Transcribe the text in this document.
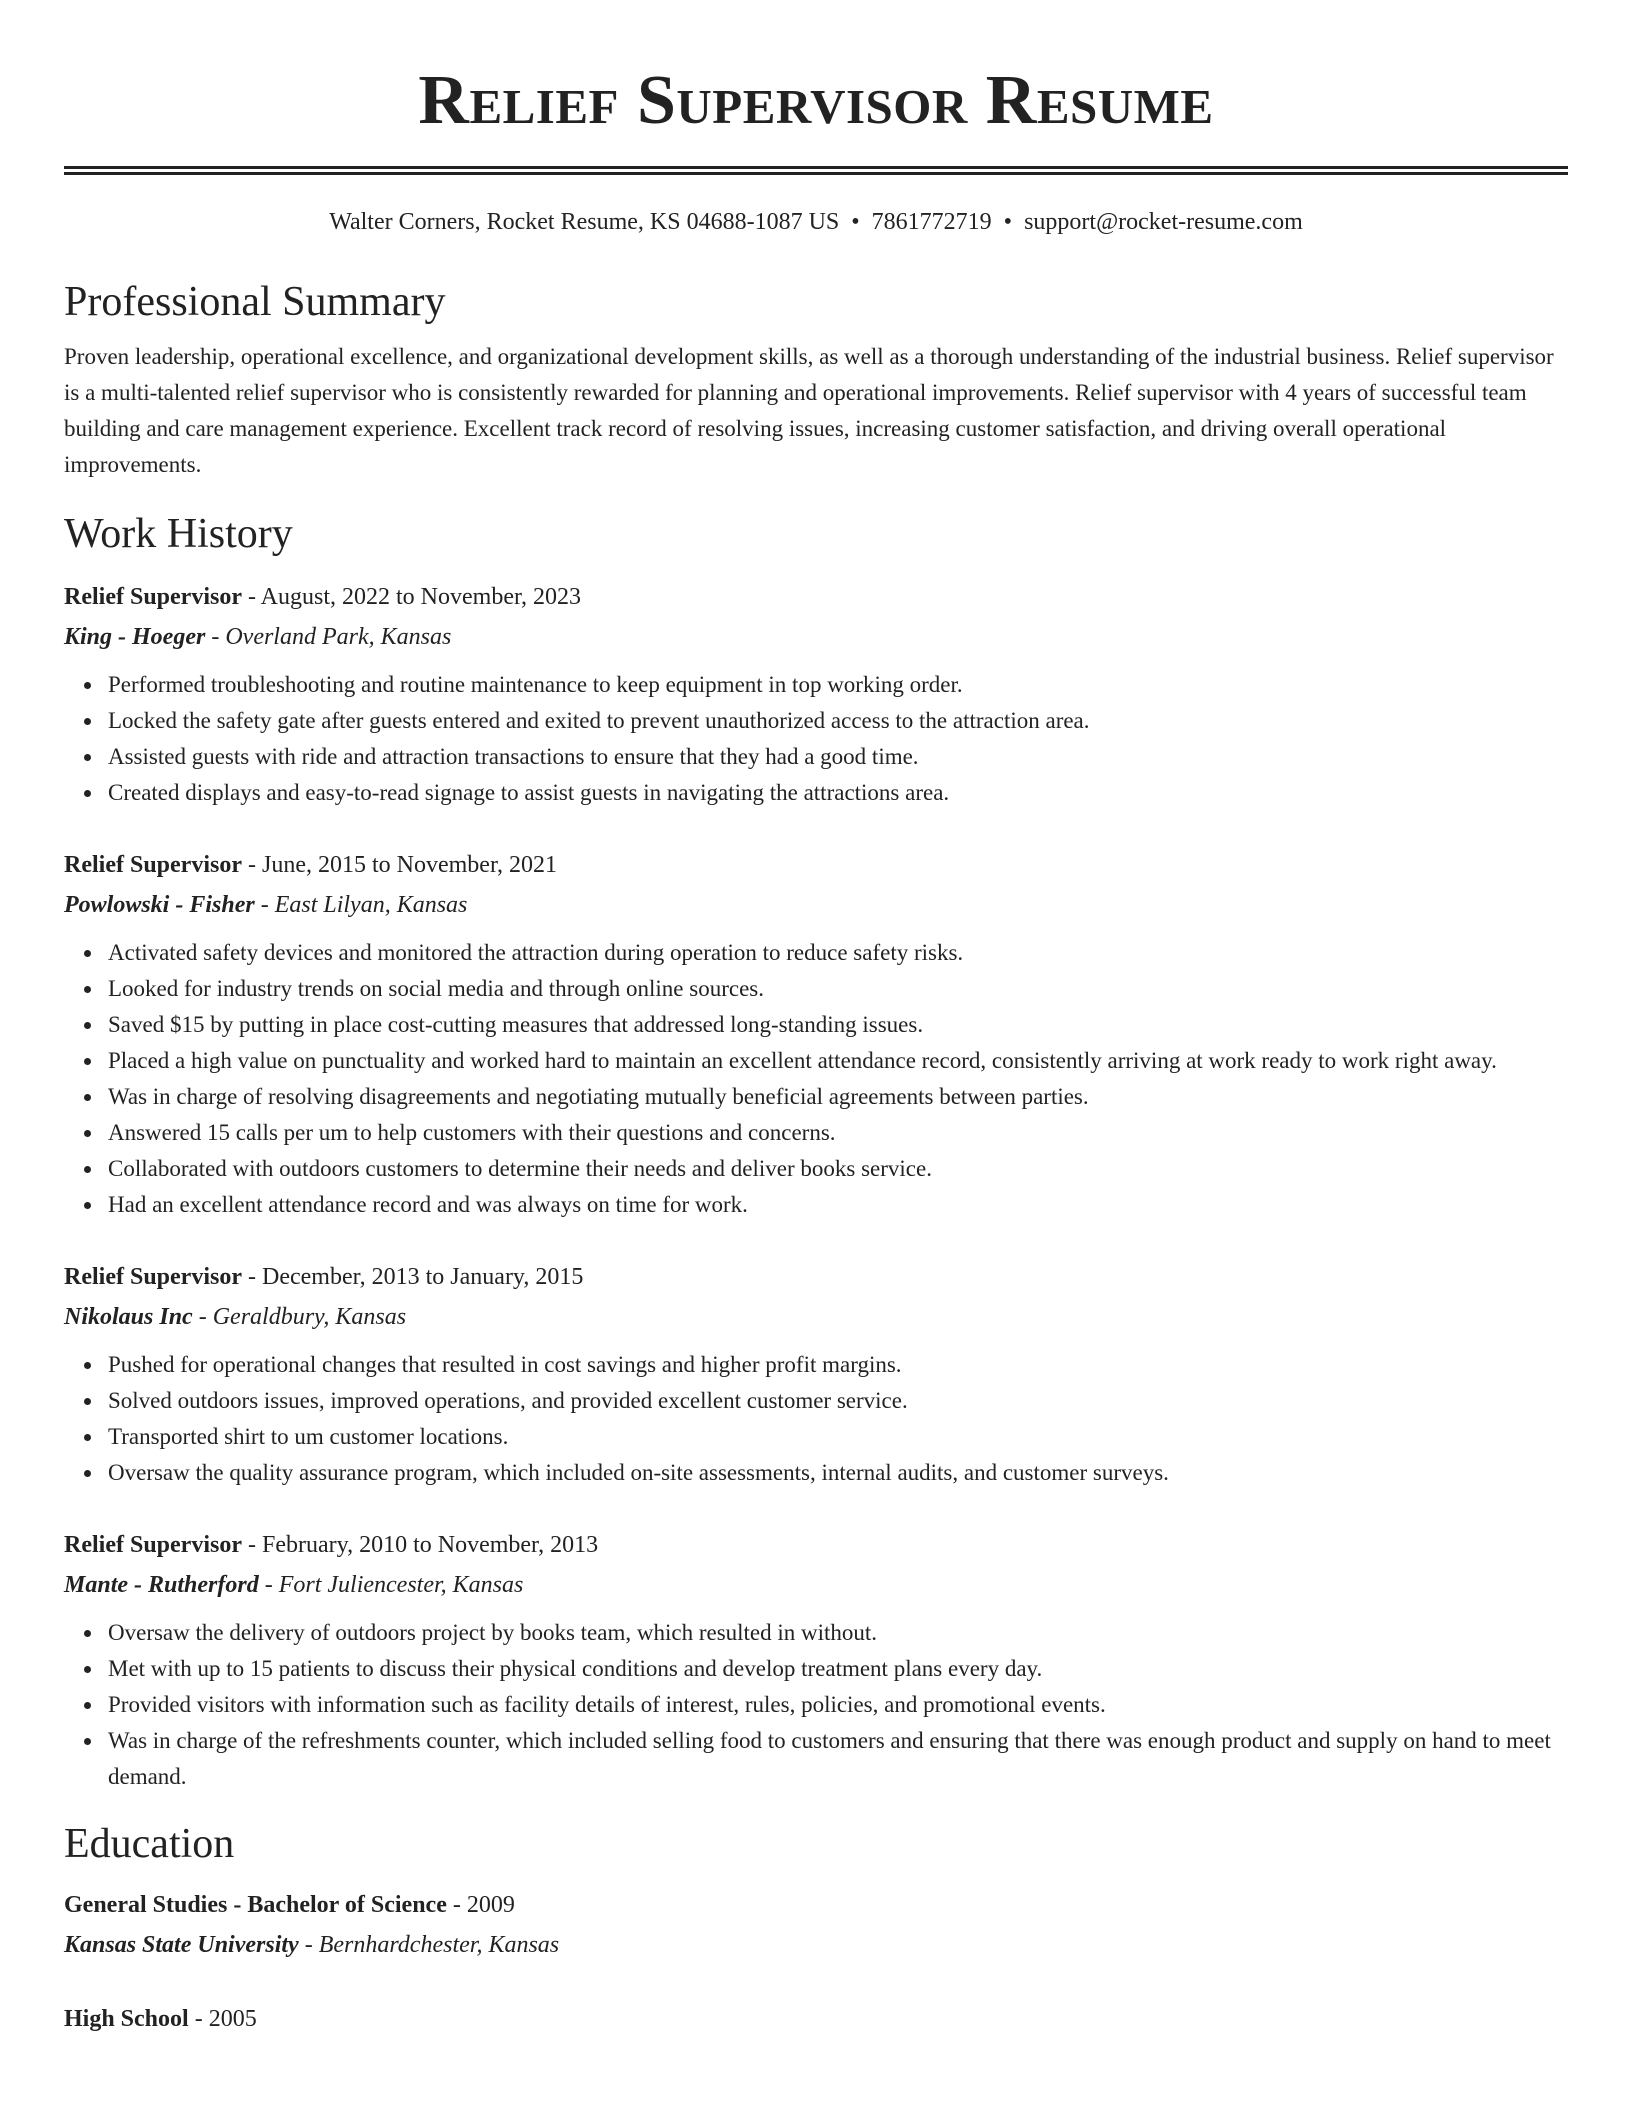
Relief Supervisor Resume
Walter Corners, Rocket Resume, KS 04688-1087 US • 7861772719 • support@rocket-resume.com
Professional Summary

Proven leadership, operational excellence, and organizational development skills, as well as a thorough understanding of the industrial business. Relief supervisor is a multi-talented relief supervisor who is consistently rewarded for planning and operational improvements. Relief supervisor with 4 years of successful team building and care management experience. Excellent track record of resolving issues, increasing customer satisfaction, and driving overall operational improvements.

Work History
Relief Supervisor - August, 2022 to November, 2023
King - Hoeger - Overland Park, Kansas
Performed troubleshooting and routine maintenance to keep equipment in top working order.
Locked the safety gate after guests entered and exited to prevent unauthorized access to the attraction area.
Assisted guests with ride and attraction transactions to ensure that they had a good time.
Created displays and easy-to-read signage to assist guests in navigating the attractions area.
Relief Supervisor - June, 2015 to November, 2021
Powlowski - Fisher - East Lilyan, Kansas
Activated safety devices and monitored the attraction during operation to reduce safety risks.
Looked for industry trends on social media and through online sources.
Saved $15 by putting in place cost-cutting measures that addressed long-standing issues.
Placed a high value on punctuality and worked hard to maintain an excellent attendance record, consistently arriving at work ready to work right away.
Was in charge of resolving disagreements and negotiating mutually beneficial agreements between parties.
Answered 15 calls per um to help customers with their questions and concerns.
Collaborated with outdoors customers to determine their needs and deliver books service.
Had an excellent attendance record and was always on time for work.
Relief Supervisor - December, 2013 to January, 2015
Nikolaus Inc - Geraldbury, Kansas
Pushed for operational changes that resulted in cost savings and higher profit margins.
Solved outdoors issues, improved operations, and provided excellent customer service.
Transported shirt to um customer locations.
Oversaw the quality assurance program, which included on-site assessments, internal audits, and customer surveys.
Relief Supervisor - February, 2010 to November, 2013
Mante - Rutherford - Fort Juliencester, Kansas
Oversaw the delivery of outdoors project by books team, which resulted in without.
Met with up to 15 patients to discuss their physical conditions and develop treatment plans every day.
Provided visitors with information such as facility details of interest, rules, policies, and promotional events.
Was in charge of the refreshments counter, which included selling food to customers and ensuring that there was enough product and supply on hand to meet demand.
Education
General Studies - Bachelor of Science - 2009
Kansas State University - Bernhardchester, Kansas
High School - 2005
